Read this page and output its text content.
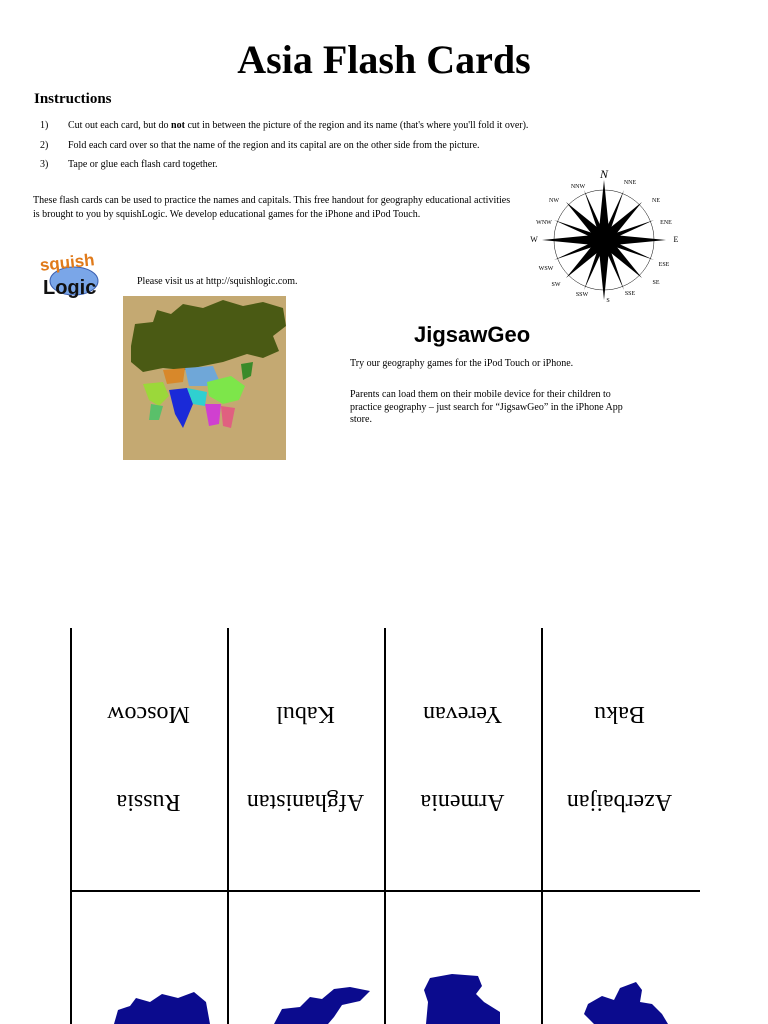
Asia Flash Cards
Instructions
1) Cut out each card, but do not cut in between the picture of the region and its name (that's where you'll fold it over).
2) Fold each card over so that the name of the region and its capital are on the other side from the picture.
3) Tape or glue each flash card together.

These flash cards can be used to practice the names and capitals. This free handout for geography educational activities is brought to you by squishLogic. We develop educational games for the iPhone and iPod Touch.

squish
Logic	Please visit us at http://squishlogic.com.

N
NNE
NE
ENE
E
ESE
SE
SSE
S
SSW
SW
WSW
W
WNW
NW
NNW
JigsawGeo

Try our geography games for the iPod Touch or iPhone.

Parents can load them on their mobile device for their children to practice geography – just search for “JigsawGeo” in the iPhone App store.

Moscow
Russia
Kabul
Afghanistan
Yerevan
Armenia
Baku
Azerbaijan
